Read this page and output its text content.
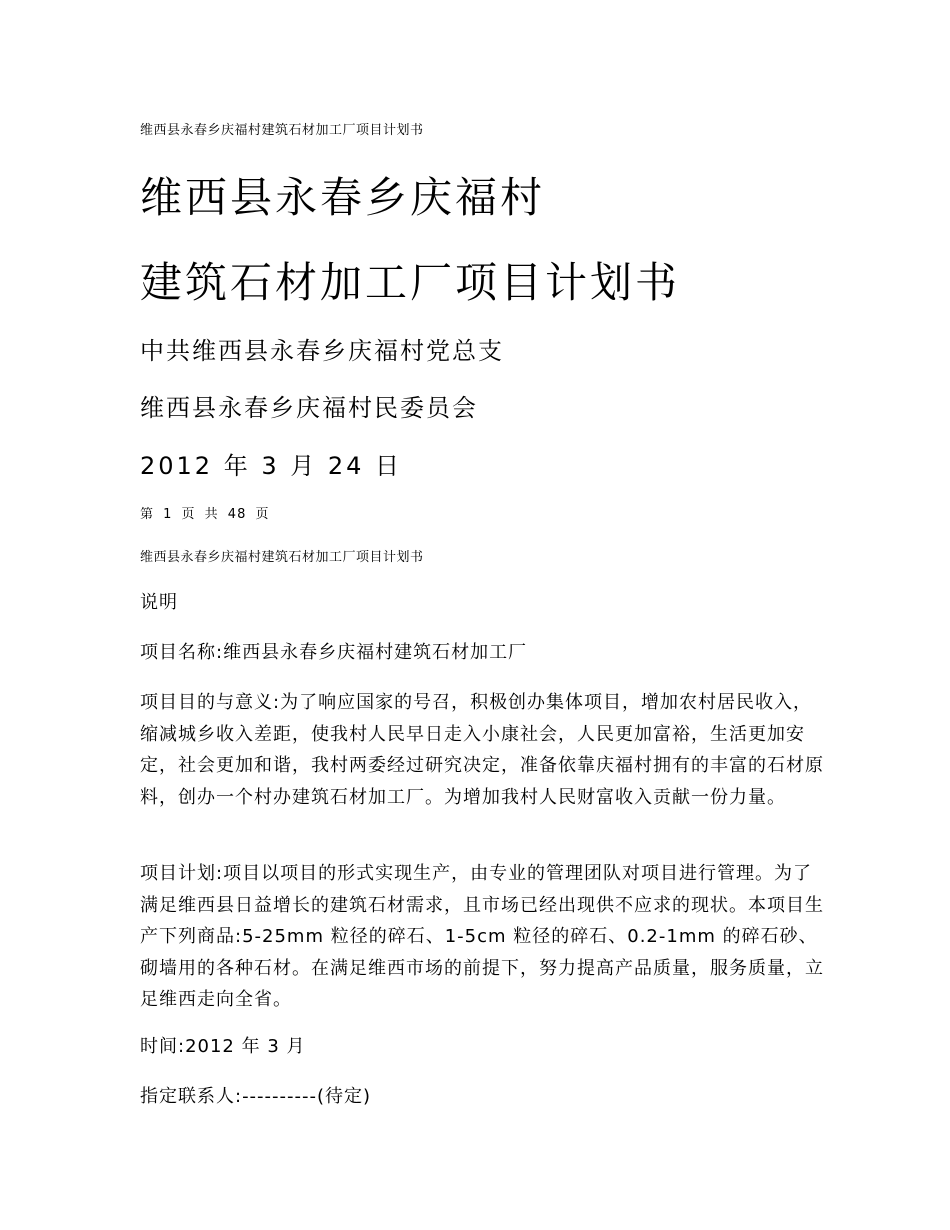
维西县永春乡庆福村建筑石材加工厂项目计划书
维西县永春乡庆福村
建筑石材加工厂项目计划书
中共维西县永春乡庆福村党总支
维西县永春乡庆福村民委员会
2012 年 3 月 24 日
第 1 页 共 48 页
维西县永春乡庆福村建筑石材加工厂项目计划书

说明

项目名称:维西县永春乡庆福村建筑石材加工厂

项目目的与意义:为了响应国家的号召，积极创办集体项目，增加农村居民收入，缩减城乡收入差距，使我村人民早日走入小康社会，人民更加富裕，生活更加安定，社会更加和谐，我村两委经过研究决定，准备依靠庆福村拥有的丰富的石材原料，创办一个村办建筑石材加工厂。为增加我村人民财富收入贡献一份力量。

项目计划:项目以项目的形式实现生产，由专业的管理团队对项目进行管理。为了满足维西县日益增长的建筑石材需求，且市场已经出现供不应求的现状。本项目生产下列商品:5-25mm 粒径的碎石、1-5cm 粒径的碎石、0.2-1mm 的碎石砂、砌墙用的各种石材。在满足维西市场的前提下，努力提高产品质量，服务质量，立足维西走向全省。

时间:2012 年 3 月

指定联系人:----------(待定)
